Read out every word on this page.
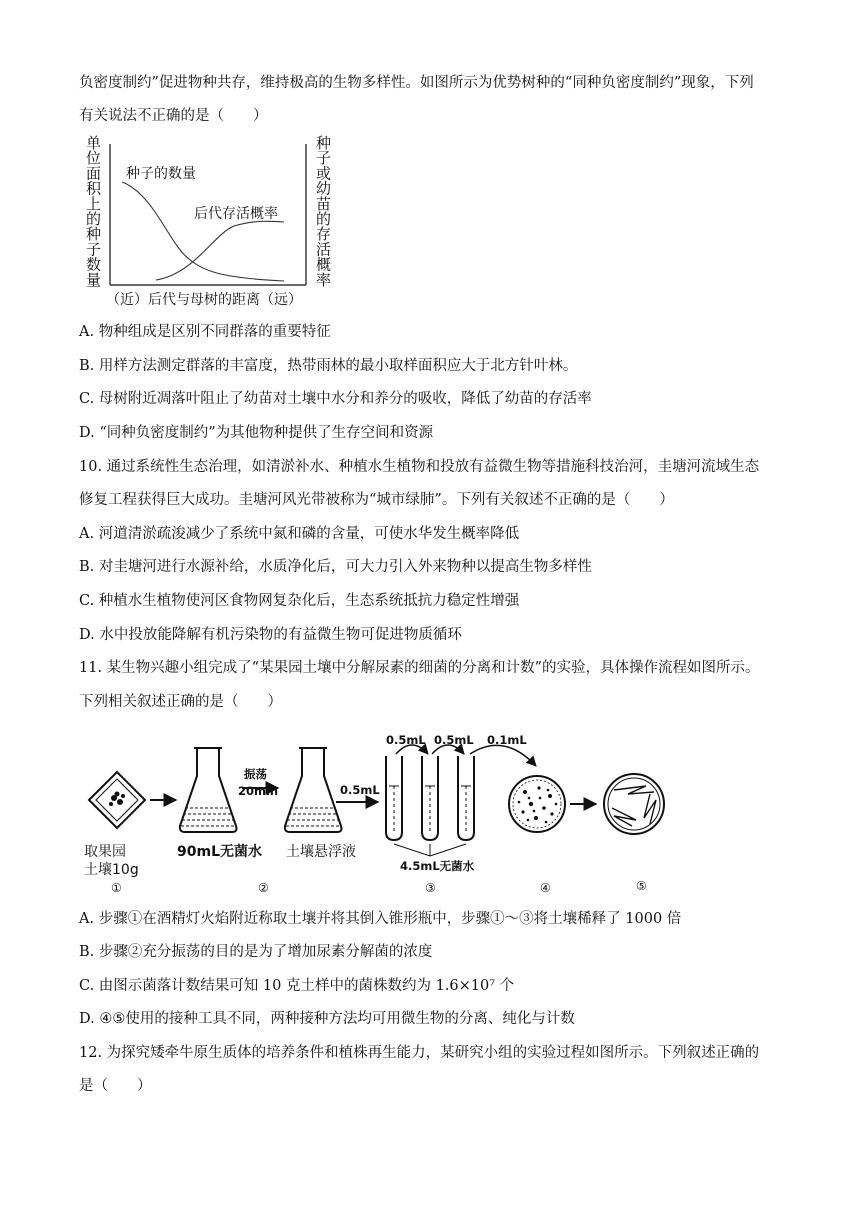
负密度制约”促进物种共存，维持极高的生物多样性。如图所示为优势树种的“同种负密度制约”现象，下列
有关说法不正确的是（　　）
单位面积上的种子数量
种子或幼苗的存活概率
种子的数量
后代存活概率
（近）后代与母树的距离（远）
A. 物种组成是区别不同群落的重要特征
B. 用样方法测定群落的丰富度，热带雨林的最小取样面积应大于北方针叶林。
C. 母树附近凋落叶阻止了幼苗对土壤中水分和养分的吸收，降低了幼苗的存活率
D. “同种负密度制约”为其他物种提供了生存空间和资源
10. 通过系统性生态治理，如清淤补水、种植水生植物和投放有益微生物等措施科技治河，圭塘河流域生态
修复工程获得巨大成功。圭塘河风光带被称为“城市绿肺”。下列有关叙述不正确的是（　　）
A. 河道清淤疏浚减少了系统中氮和磷的含量，可使水华发生概率降低
B. 对圭塘河进行水源补给，水质净化后，可大力引入外来物种以提高生物多样性
C. 种植水生植物使河区食物网复杂化后，生态系统抵抗力稳定性增强
D. 水中投放能降解有机污染物的有益微生物可促进物质循环
11. 某生物兴趣小组完成了“某果园土壤中分解尿素的细菌的分离和计数”的实验，具体操作流程如图所示。
下列相关叙述正确的是（　　）
振荡
20min	0.5mL
0.5mL 0.5mL 0.1mL
4.5mL无菌水
取果园
土壤10g
90mL无菌水 土壤悬浮液
①	②	③	④	⑤
A. 步骤①在酒精灯火焰附近称取土壤并将其倒入锥形瓶中，步骤①～③将土壤稀释了 1000 倍
B. 步骤②充分振荡的目的是为了增加尿素分解菌的浓度
C. 由图示菌落计数结果可知 10 克土样中的菌株数约为 1.6×10⁷ 个
D. ④⑤使用的接种工具不同，两种接种方法均可用微生物的分离、纯化与计数
12. 为探究矮牵牛原生质体的培养条件和植株再生能力，某研究小组的实验过程如图所示。下列叙述正确的
是（　　）
